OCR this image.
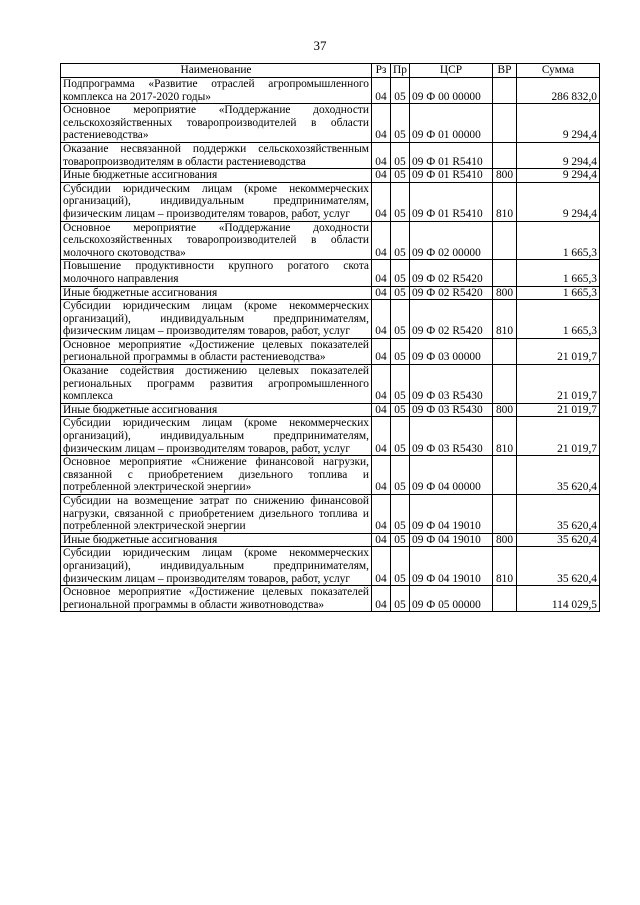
37
Наименование	Рз	Пр	ЦСР	ВР	Сумма
Подпрограмма «Развитие отраслей агропромышленного комплекса на 2017-2020 годы»	04	05	09 Ф 00 00000		286 832,0
Основное мероприятие «Поддержание доходности сельскохозяйственных товаропроизводителей в области растениеводства»	04	05	09 Ф 01 00000		9 294,4
Оказание несвязанной поддержки сельскохозяйственным товаропроизводителям в области растениеводства	04	05	09 Ф 01 R5410		9 294,4
Иные бюджетные ассигнования	04	05	09 Ф 01 R5410	800	9 294,4
Субсидии юридическим лицам (кроме некоммерческих организаций), индивидуальным предпринимателям, физическим лицам – производителям товаров, работ, услуг	04	05	09 Ф 01 R5410	810	9 294,4
Основное мероприятие «Поддержание доходности сельскохозяйственных товаропроизводителей в области молочного скотоводства»	04	05	09 Ф 02 00000		1 665,3
Повышение продуктивности крупного рогатого скота молочного направления	04	05	09 Ф 02 R5420		1 665,3
Иные бюджетные ассигнования	04	05	09 Ф 02 R5420	800	1 665,3
Субсидии юридическим лицам (кроме некоммерческих организаций), индивидуальным предпринимателям, физическим лицам – производителям товаров, работ, услуг	04	05	09 Ф 02 R5420	810	1 665,3
Основное мероприятие «Достижение целевых показателей региональной программы в области растениеводства»	04	05	09 Ф 03 00000		21 019,7
Оказание содействия достижению целевых показателей региональных программ развития агропромышленного комплекса	04	05	09 Ф 03 R5430		21 019,7
Иные бюджетные ассигнования	04	05	09 Ф 03 R5430	800	21 019,7
Субсидии юридическим лицам (кроме некоммерческих организаций), индивидуальным предпринимателям, физическим лицам – производителям товаров, работ, услуг	04	05	09 Ф 03 R5430	810	21 019,7
Основное мероприятие «Снижение финансовой нагрузки, связанной с приобретением дизельного топлива и потребленной электрической энергии»	04	05	09 Ф 04 00000		35 620,4
Субсидии на возмещение затрат по снижению финансовой нагрузки, связанной с приобретением дизельного топлива и потребленной электрической энергии	04	05	09 Ф 04 19010		35 620,4
Иные бюджетные ассигнования	04	05	09 Ф 04 19010	800	35 620,4
Субсидии юридическим лицам (кроме некоммерческих организаций), индивидуальным предпринимателям, физическим лицам – производителям товаров, работ, услуг	04	05	09 Ф 04 19010	810	35 620,4
Основное мероприятие «Достижение целевых показателей региональной программы в области животноводства»	04	05	09 Ф 05 00000		114 029,5
